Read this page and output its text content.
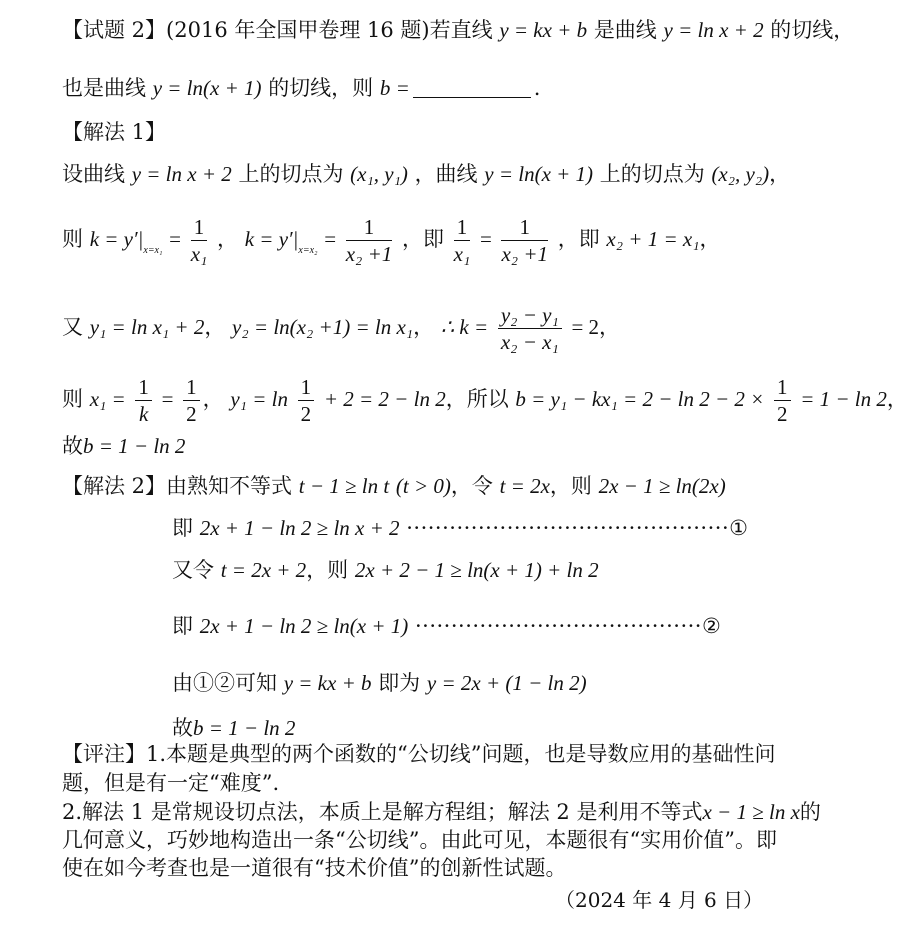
【试题 2】(2016 年全国甲卷理 16 题)若直线 y = kx + b 是曲线 y = ln x + 2 的切线，
也是曲线 y = ln(x + 1) 的切线，则 b =	.
【解法 1】
设曲线 y = ln x + 2 上的切点为 (x₁, y₁) ，曲线 y = ln(x + 1) 上的切点为 (x₂, y₂)，
则 $k = y'|_{x=x_1} = \frac{1}{\text{x₁}}$ ， $k = y'|_{x=x_2} = \frac{1}{\text{x₂ +1}}$ ，即 $\frac{1}{\text{x₁}} = \frac{1}{\text{x₂ +1}}$ ，即 x₂ + 1 = x₁，
又 y₁ = ln x₁ + 2， y₂ = ln(x₂ +1) = ln x₁， ∴ $k = \frac{\text{y₂ − y₁}}{\text{x₂ − x₁}} = 2$，
则 $x_1 = \frac{1}{k} = \frac{1}{2}$ ， $y_1 = \ln \frac{1}{2} + 2 = 2 - \ln 2$，所以 $b = y_1 - kx_1 = 2 - \ln 2 - 2 \times \frac{1}{2} = 1 - \ln 2$，
故b = 1 − ln 2
【解法 2】由熟知不等式 t − 1 ≥ ln t (t > 0)，令 t = 2x，则 2x − 1 ≥ ln(2x)
即 2x + 1 − ln 2 ≥ ln x + 2 ·············································①
又令 t = 2x + 2，则 2x + 2 − 1 ≥ ln(x + 1) + ln 2
即 2x + 1 − ln 2 ≥ ln(x + 1) ········································②
由①②可知 y = kx + b 即为 y = 2x + (1 − ln 2)
故b = 1 − ln 2
【评注】1.本题是典型的两个函数的“公切线”问题，也是导数应用的基础性问
题，但是有一定“难度”.
2.解法 1 是常规设切点法，本质上是解方程组；解法 2 是利用不等式x − 1 ≥ ln x的
几何意义，巧妙地构造出一条“公切线”。由此可见，本题很有“实用价值”。即
使在如今考查也是一道很有“技术价值”的创新性试题。
（2024 年 4 月 6 日）
